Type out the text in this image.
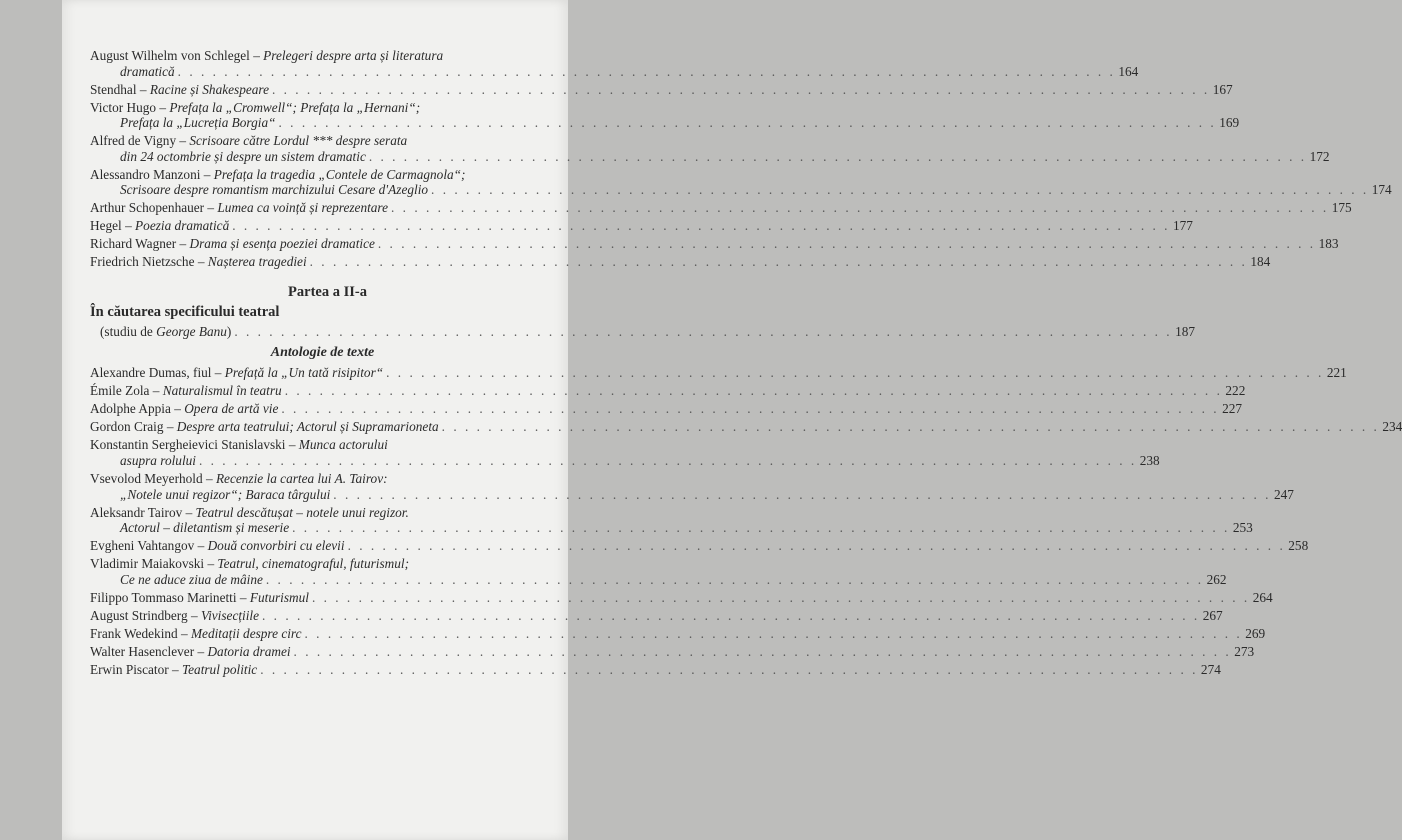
August Wilhelm von Schlegel – Prelegeri despre arta și literatura
dramatică . . .	164
Stendhal – Racine și Shakespeare . . .	167
Victor Hugo – Prefața la „Cromwell“; Prefața la „Hernani“;
Prefața la „Lucreția Borgia“ . . .	169
Alfred de Vigny – Scrisoare către Lordul *** despre serata
din 24 octombrie și despre un sistem dramatic . . .	172
Alessandro Manzoni – Prefața la tragedia „Contele de Carmagnola“;
Scrisoare despre romantism marchizului Cesare d'Azeglio . . .	174
Arthur Schopenhauer – Lumea ca voință și reprezentare . . .	175
Hegel – Poezia dramatică . . .	177
Richard Wagner – Drama și esența poeziei dramatice . . .	183
Friedrich Nietzsche – Nașterea tragediei . . .	184
Partea a II-a
În căutarea specificului teatral
(studiu de George Banu) . . .	187
Antologie de texte
Alexandre Dumas, fiul – Prefață la „Un tată risipitor“ . . .	221
Émile Zola – Naturalismul în teatru . . .	222
Adolphe Appia – Opera de artă vie . . .	227
Gordon Craig – Despre arta teatrului; Actorul și Supramarioneta . . .	234
Konstantin Sergheievici Stanislavski – Munca actorului
asupra rolului . . .	238
Vsevolod Meyerhold – Recenzie la cartea lui A. Tairov:
„Notele unui regizor“; Baraca târgului . . .	247
Aleksandr Tairov – Teatrul descătușat – notele unui regizor.
Actorul – diletantism și meserie . . .	253
Evgheni Vahtangov – Două convorbiri cu elevii . . .	258
Vladimir Maiakovski – Teatrul, cinematograful, futurismul;
Ce ne aduce ziua de mâine . . .	262
Filippo Tommaso Marinetti – Futurismul . . .	264
August Strindberg – Vivisecțiile . . .	267
Frank Wedekind – Meditații despre circ . . .	269
Walter Hasenclever – Datoria dramei . . .	273
Erwin Piscator – Teatrul politic . . .	274
